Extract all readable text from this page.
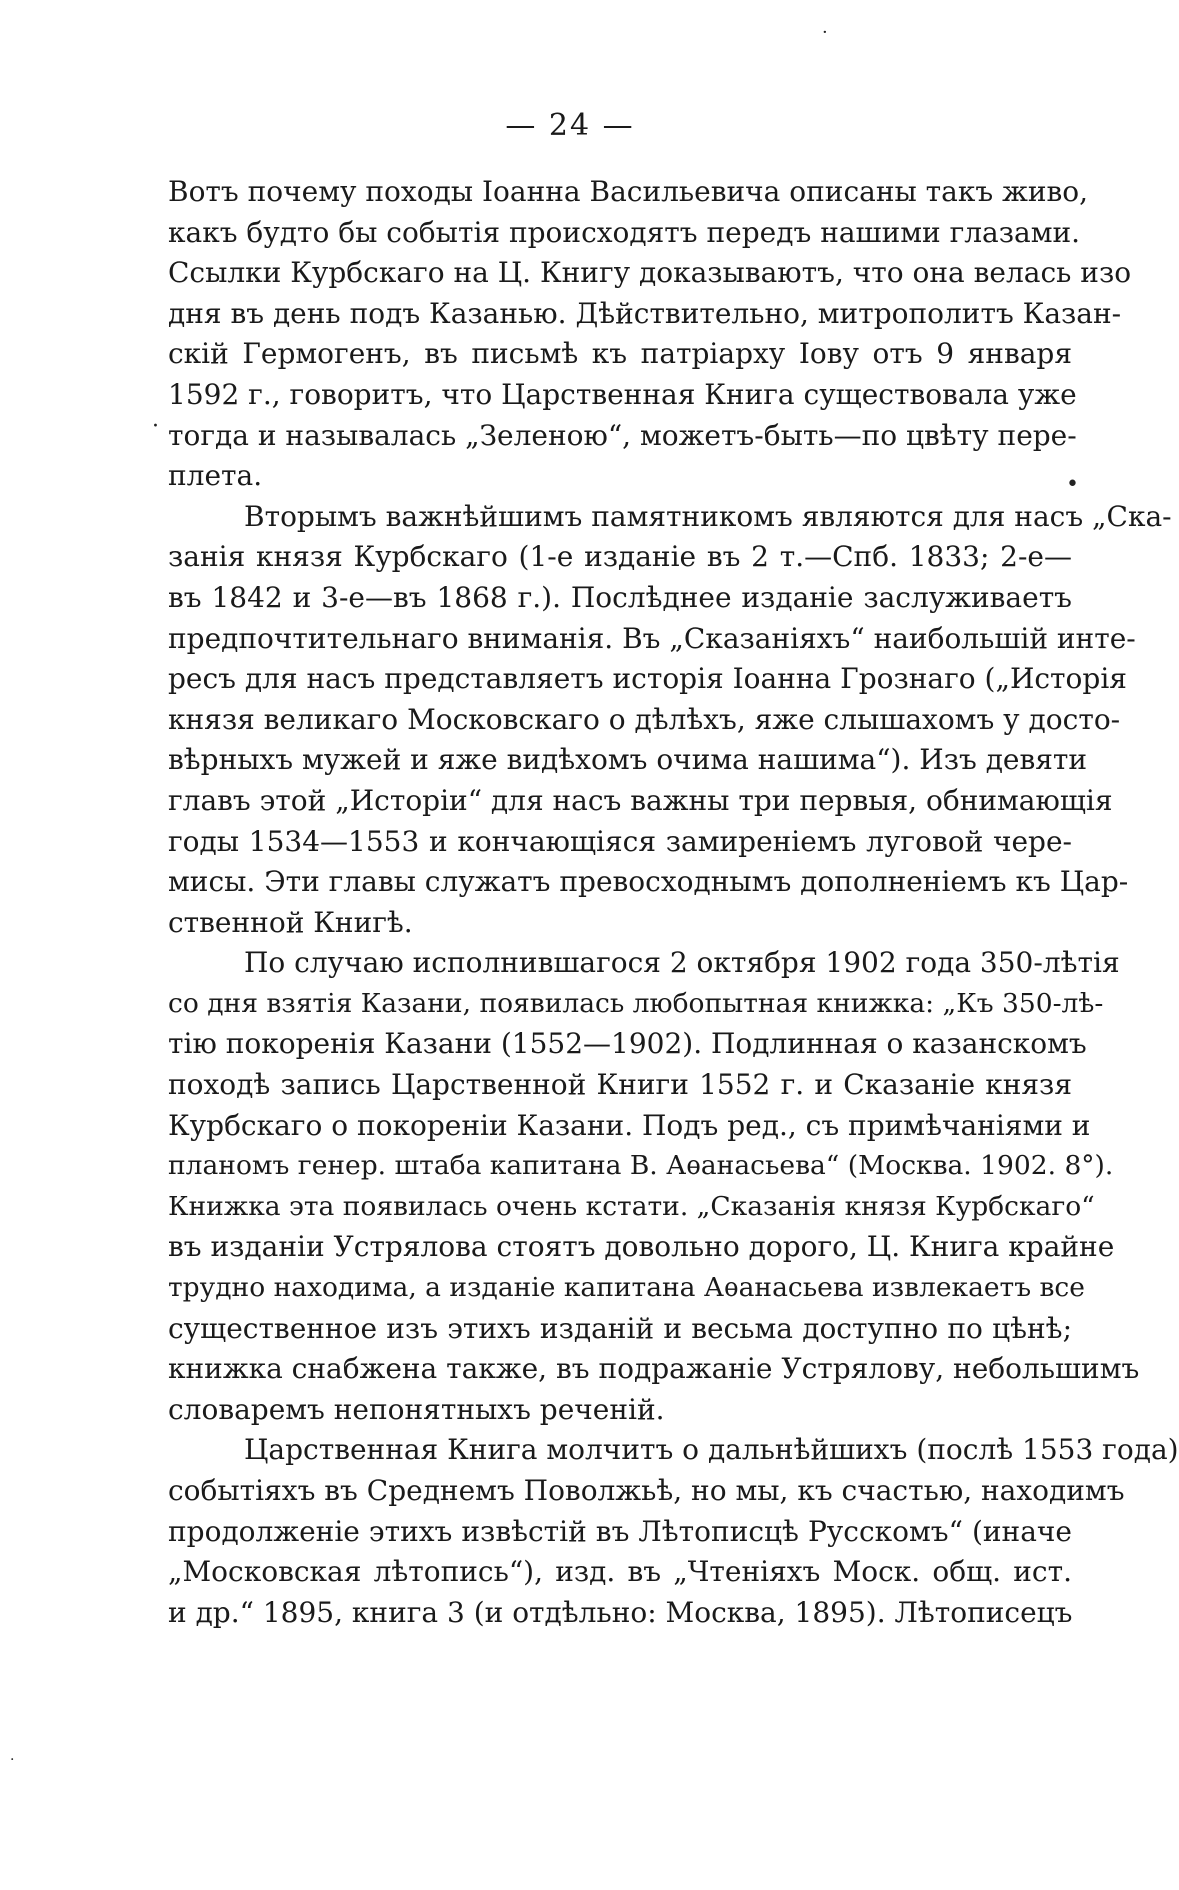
— 24 —
·
·
•
·
Вотъ почему походы Іоанна Васильевича описаны такъ живо,
какъ будто бы событія происходятъ передъ нашими глазами.
Ссылки Курбскаго на Ц. Книгу доказываютъ, что она велась изо
дня въ день подъ Казанью. Дѣйствительно, митрополитъ Казан-
скій Гермогенъ, въ письмѣ къ патріарху Іову отъ 9 января
1592 г., говоритъ, что Царственная Книга существовала уже
тогда и называлась „Зеленою“, можетъ-быть—по цвѣту пере-
плета.
Вторымъ важнѣйшимъ памятникомъ являются для насъ „Ска-
занія князя Курбскаго (1-е изданіе въ 2 т.—Спб. 1833; 2-е—
въ 1842 и 3-е—въ 1868 г.). Послѣднее изданіе заслуживаетъ
предпочтительнаго вниманія. Въ „Сказаніяхъ“ наибольшій инте-
ресъ для насъ представляетъ исторія Іоанна Грознаго („Исторія
князя великаго Московскаго о дѣлѣхъ, яже слышахомъ у досто-
вѣрныхъ мужей и яже видѣхомъ очима нашима“). Изъ девяти
главъ этой „Исторіи“ для насъ важны три первыя, обнимающія
годы 1534—1553 и кончающіяся замиреніемъ луговой чере-
мисы. Эти главы служатъ превосходнымъ дополненіемъ къ Цар-
ственной Книгѣ.
По случаю исполнившагося 2 октября 1902 года 350-лѣтія
со дня взятія Казани, появилась любопытная книжка: „Къ 350-лѣ-
тію покоренія Казани (1552—1902). Подлинная о казанскомъ
походѣ запись Царственной Книги 1552 г. и Сказаніе князя
Курбскаго о покореніи Казани. Подъ ред., съ примѣчаніями и
планомъ генер. штаба капитана В. Аѳанасьева“ (Москва. 1902. 8°).
Книжка эта появилась очень кстати. „Сказанія князя Курбскаго“
въ изданіи Устрялова стоятъ довольно дорого, Ц. Книга крайне
трудно находима, а изданіе капитана Аѳанасьева извлекаетъ все
существенное изъ этихъ изданій и весьма доступно по цѣнѣ;
книжка снабжена также, въ подражаніе Устрялову, небольшимъ
словаремъ непонятныхъ реченій.
Царственная Книга молчитъ о дальнѣйшихъ (послѣ 1553 года)
событіяхъ въ Среднемъ Поволжьѣ, но мы, къ счастью, находимъ
продолженіе этихъ извѣстій въ Лѣтописцѣ Русскомъ“ (иначе
„Московская лѣтопись“), изд. въ „Чтеніяхъ Моск. общ. ист.
и др.“ 1895, книга 3 (и отдѣльно: Москва, 1895). Лѣтописецъ
